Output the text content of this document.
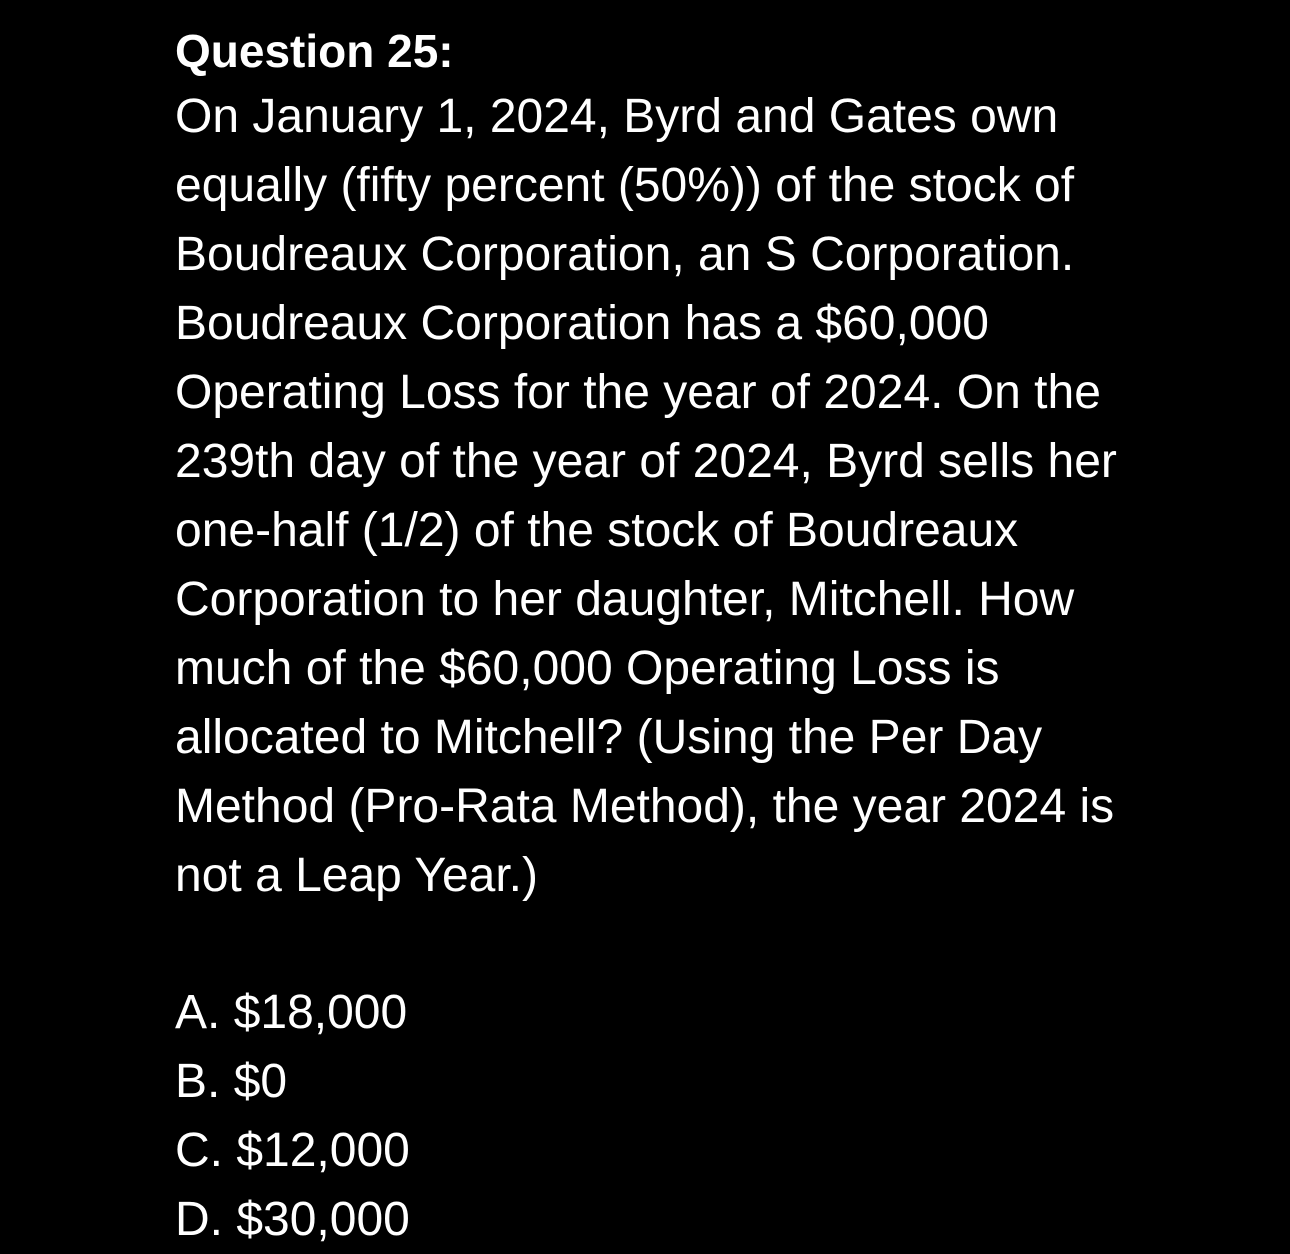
Question 25:
On January 1, 2024, Byrd and Gates own
equally (fifty percent (50%)) of the stock of
Boudreaux Corporation, an S Corporation.
Boudreaux Corporation has a $60,000
Operating Loss for the year of 2024. On the
239th day of the year of 2024, Byrd sells her
one-half (1/2) of the stock of Boudreaux
Corporation to her daughter, Mitchell. How
much of the $60,000 Operating Loss is
allocated to Mitchell? (Using the Per Day
Method (Pro-Rata Method), the year 2024 is
not a Leap Year.)
A. $18,000
B. $0
C. $12,000
D. $30,000
